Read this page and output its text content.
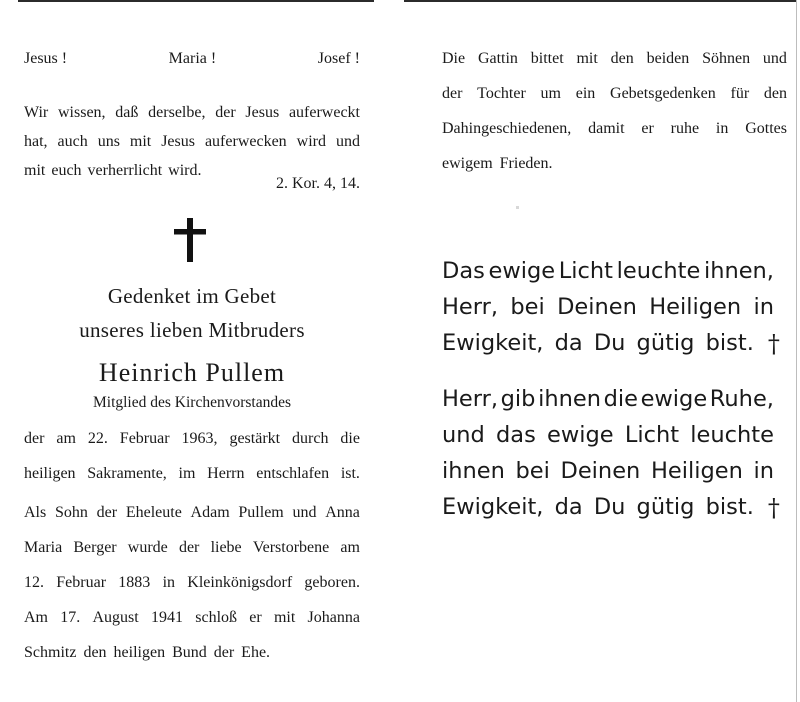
Jesus !	Maria !	Josef !
Wir wissen, daß derselbe, der Jesus auferweckt
hat, auch uns mit Jesus auferwecken wird und
mit euch verherrlicht wird.
2. Kor. 4, 14.
Gedenket im Gebet
unseres lieben Mitbruders
Heinrich Pullem
Mitglied des Kirchenvorstandes
der am 22. Februar 1963, gestärkt durch die
heiligen Sakramente, im Herrn entschlafen ist.
Als Sohn der Eheleute Adam Pullem und Anna
Maria Berger wurde der liebe Verstorbene am
12. Februar 1883 in Kleinkönigsdorf geboren.
Am 17. August 1941 schloß er mit Johanna
Schmitz den heiligen Bund der Ehe.
Die Gattin bittet mit den beiden Söhnen und
der Tochter um ein Gebetsgedenken für den
Dahingeschiedenen, damit er ruhe in Gottes
ewigem Frieden.
Das ewige Licht leuchte ihnen,
Herr, bei Deinen Heiligen in
Ewigkeit, da Du gütig bist. †
Herr, gib ihnen die ewige Ruhe,
und das ewige Licht leuchte
ihnen bei Deinen Heiligen in
Ewigkeit, da Du gütig bist. †
